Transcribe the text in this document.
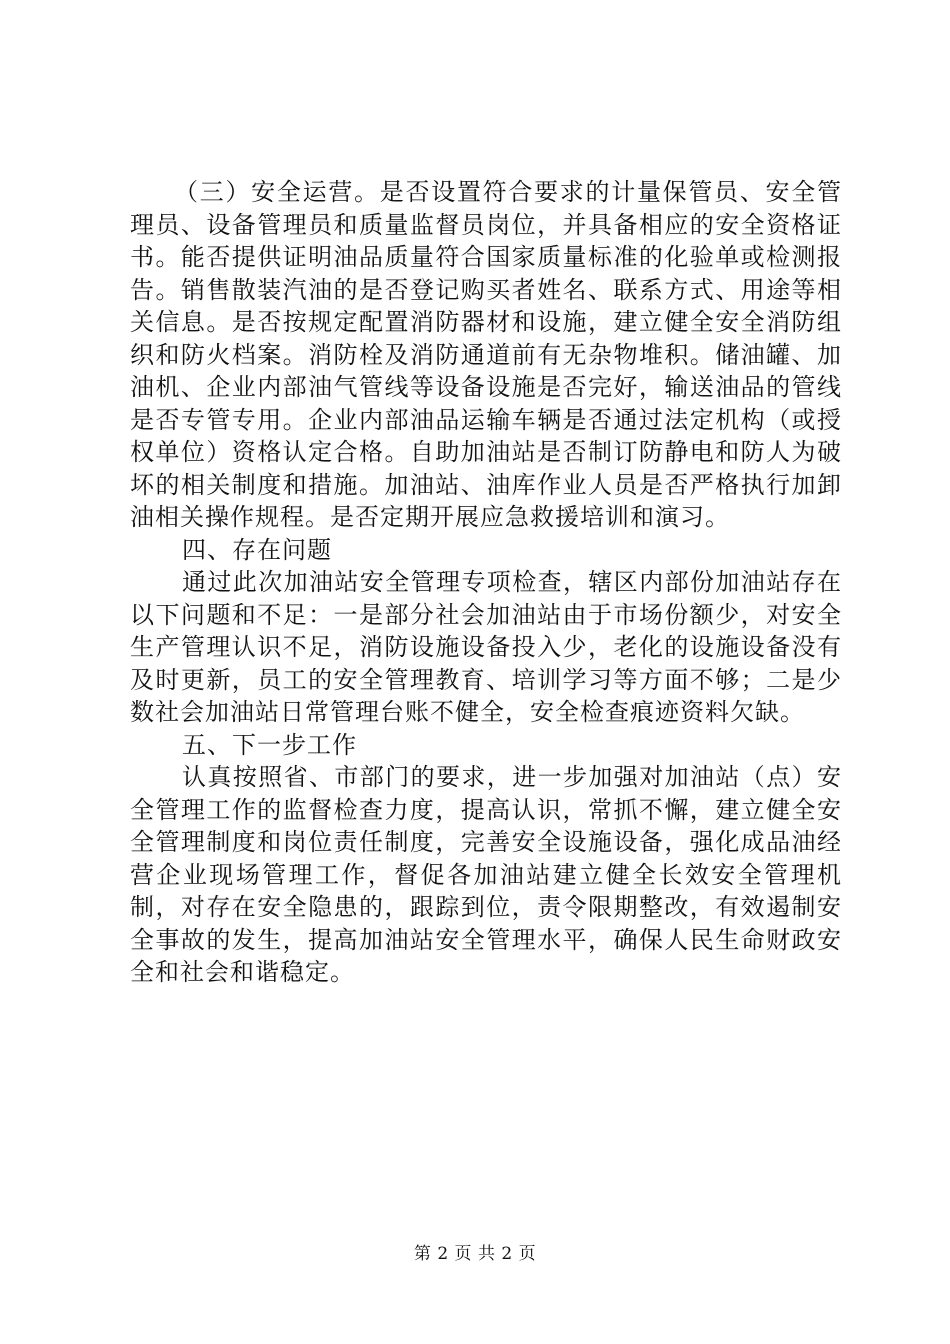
（三）安全运营。是否设置符合要求的计量保管员、安全管理员、设备管理员和质量监督员岗位，并具备相应的安全资格证书。能否提供证明油品质量符合国家质量标准的化验单或检测报告。销售散装汽油的是否登记购买者姓名、联系方式、用途等相关信息。是否按规定配置消防器材和设施，建立健全安全消防组织和防火档案。消防栓及消防通道前有无杂物堆积。储油罐、加油机、企业内部油气管线等设备设施是否完好，输送油品的管线是否专管专用。企业内部油品运输车辆是否通过法定机构（或授权单位）资格认定合格。自助加油站是否制订防静电和防人为破坏的相关制度和措施。加油站、油库作业人员是否严格执行加卸油相关操作规程。是否定期开展应急救援培训和演习。

四、存在问题

通过此次加油站安全管理专项检查，辖区内部份加油站存在以下问题和不足：一是部分社会加油站由于市场份额少，对安全生产管理认识不足，消防设施设备投入少，老化的设施设备没有及时更新，员工的安全管理教育、培训学习等方面不够；二是少数社会加油站日常管理台账不健全，安全检查痕迹资料欠缺。

五、下一步工作

认真按照省、市部门的要求，进一步加强对加油站（点）安全管理工作的监督检查力度，提高认识，常抓不懈，建立健全安全管理制度和岗位责任制度，完善安全设施设备，强化成品油经营企业现场管理工作，督促各加油站建立健全长效安全管理机制，对存在安全隐患的，跟踪到位，责令限期整改，有效遏制安全事故的发生，提高加油站安全管理水平，确保人民生命财政安全和社会和谐稳定。

第 2 页 共 2 页
